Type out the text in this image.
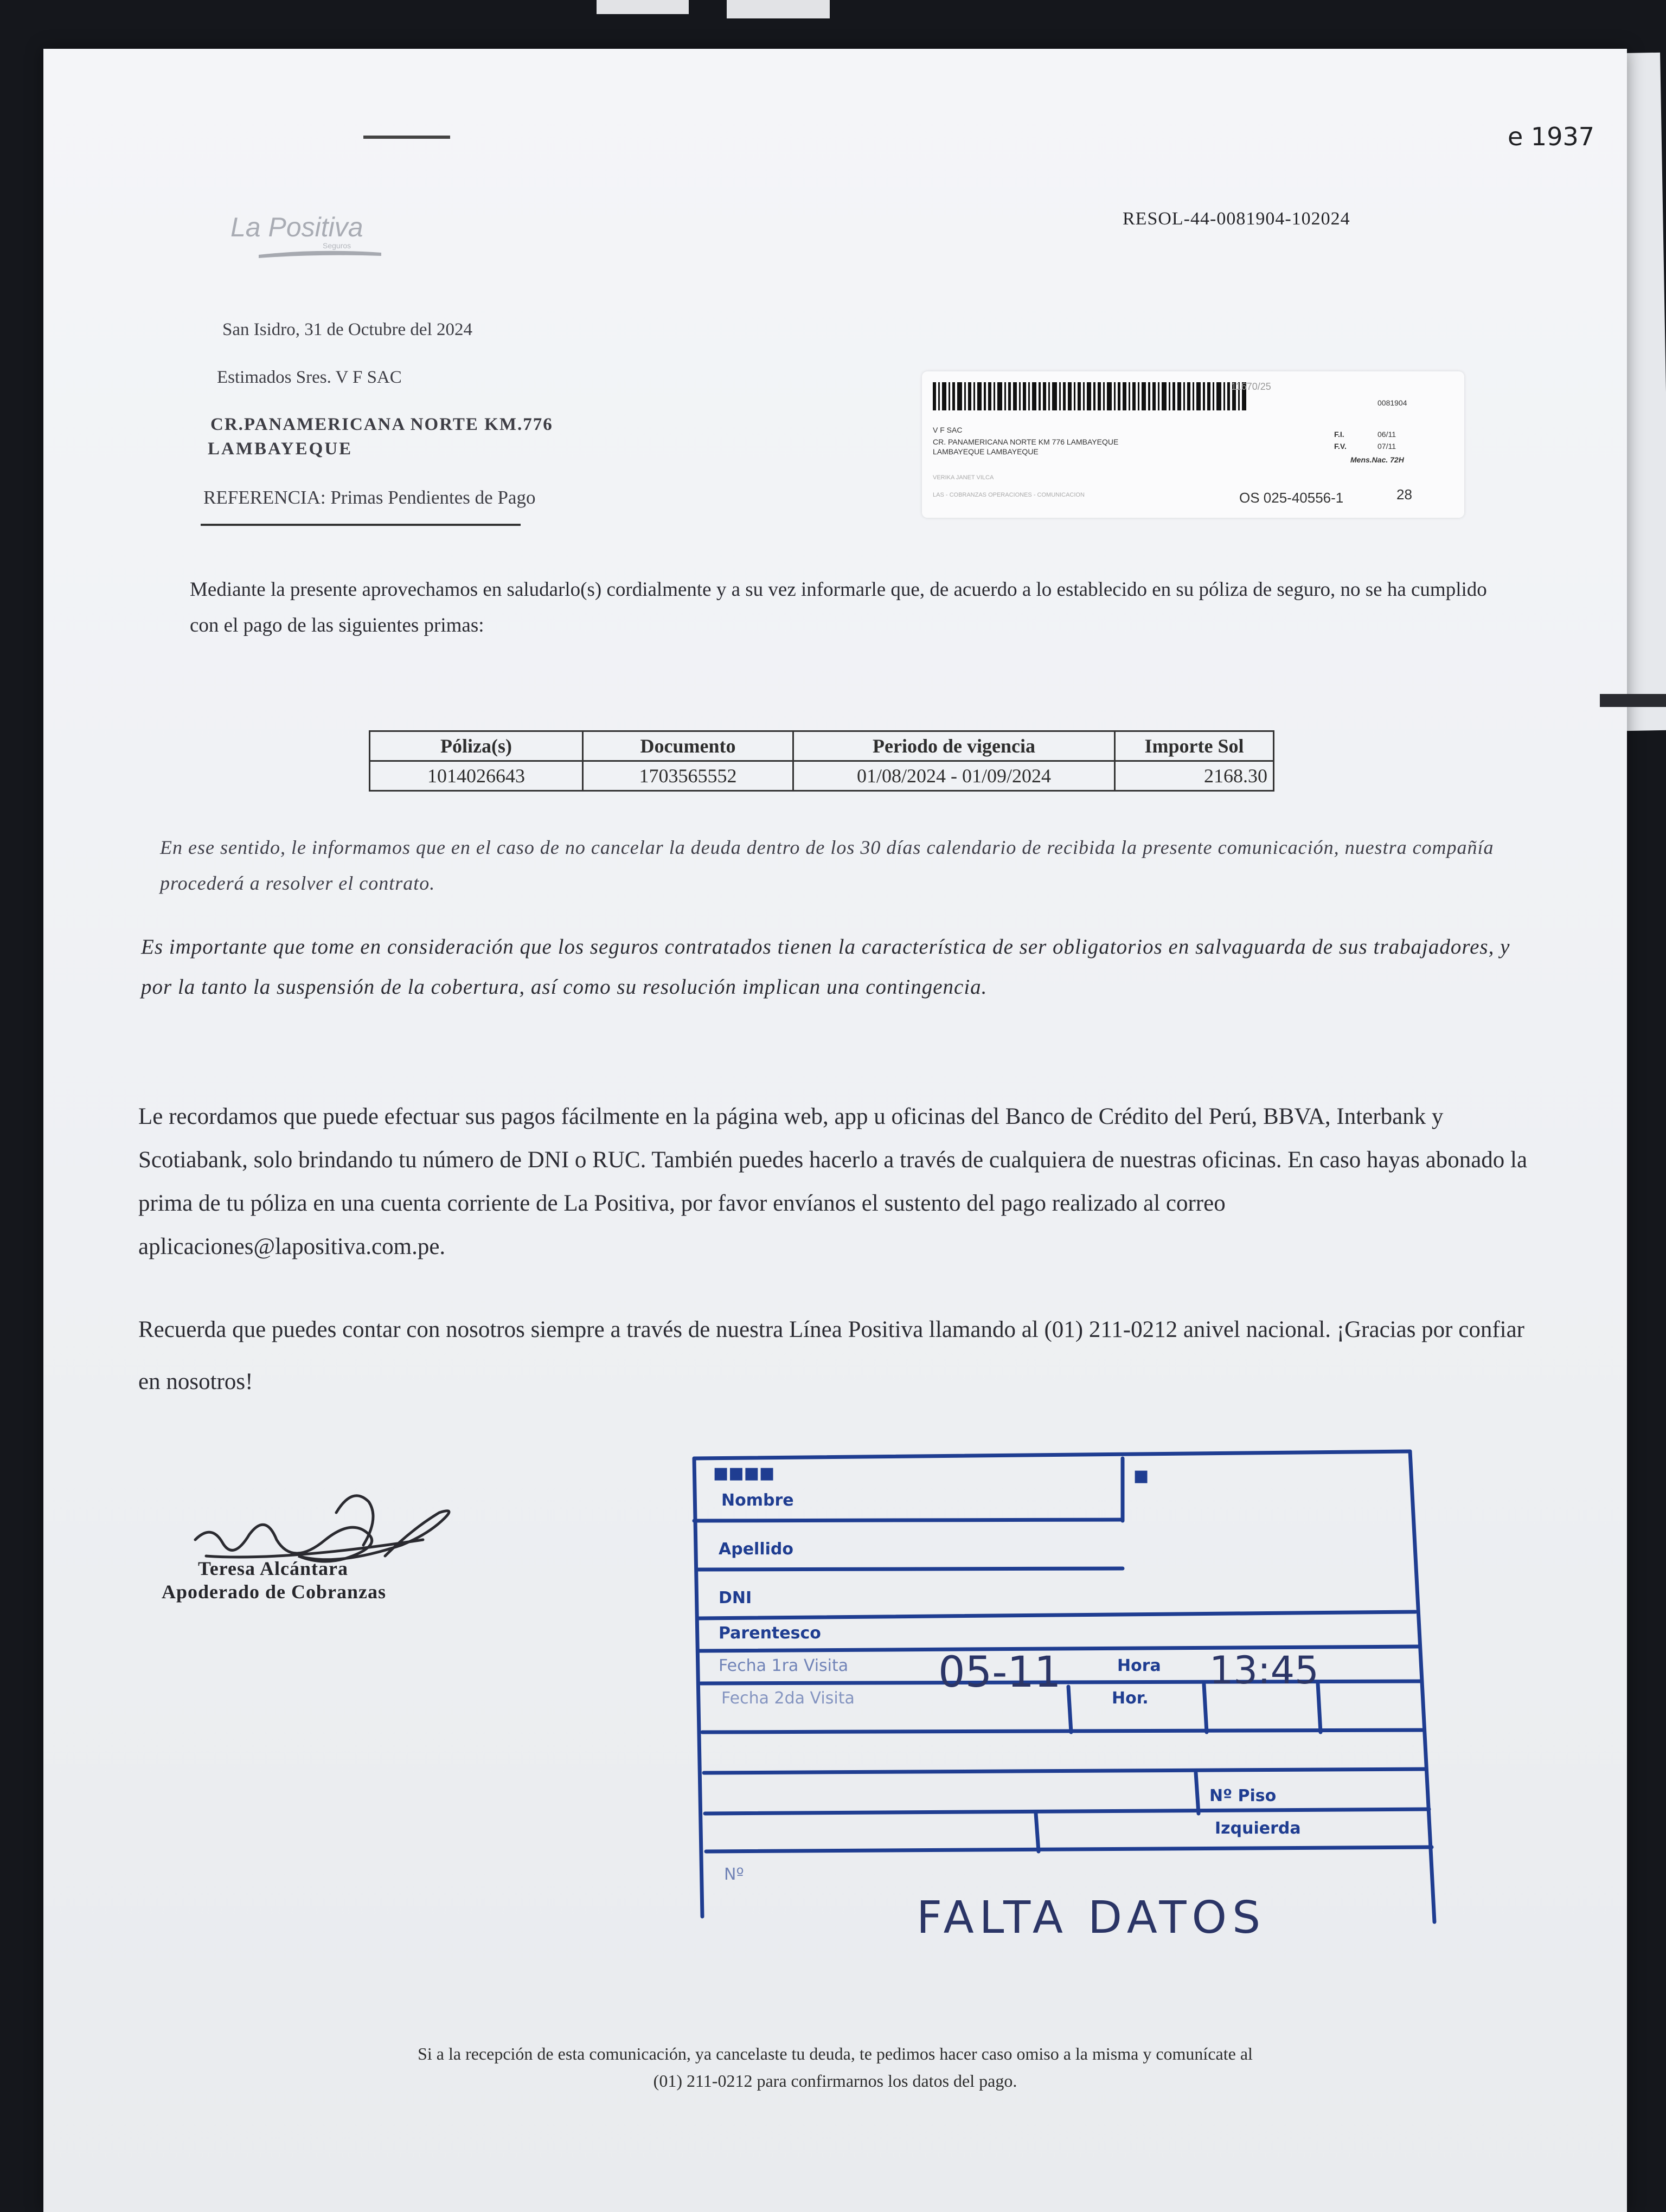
e 1937
La Positiva
Seguros
RESOL-44-0081904-102024
San Isidro, 31 de Octubre del 2024
Estimados Sres. V F SAC
CR.PANAMERICANA NORTE KM.776
LAMBAYEQUE
REFERENCIA: Primas Pendientes de Pago
11670/25
0081904
V F SAC
CR. PANAMERICANA NORTE KM 776 LAMBAYEQUE
LAMBAYEQUE LAMBAYEQUE
F.I.	06/11
F.V.	07/11
Mens.Nac. 72H
VERIKA JANET VILCA
LAS - COBRANZAS OPERACIONES - COMUNICACION	OS 025-40556-1	28
Mediante la presente aprovechamos en saludarlo(s) cordialmente y a su vez informarle que, de acuerdo a lo establecido en su póliza de seguro, no se ha cumplido con el pago de las siguientes primas:
Póliza(s)	Documento	Periodo de vigencia	Importe Sol
1014026643	1703565552	01/08/2024 - 01/09/2024	2168.30
En ese sentido, le informamos que en el caso de no cancelar la deuda dentro de los 30 días calendario de recibida la presente comunicación, nuestra compañía procederá a resolver el contrato.
Es importante que tome en consideración que los seguros contratados tienen la característica de ser obligatorios en salvaguarda de sus trabajadores, y por la tanto la suspensión de la cobertura, así como su resolución implican una contingencia.
Le recordamos que puede efectuar sus pagos fácilmente en la página web, app u oficinas del Banco de Crédito del Perú, BBVA, Interbank y Scotiabank, solo brindando tu número de DNI o RUC. También puedes hacerlo a través de cualquiera de nuestras oficinas. En caso hayas abonado la prima de tu póliza en una cuenta corriente de La Positiva, por favor envíanos el sustento del pago realizado al correo aplicaciones@lapositiva.com.pe.
Recuerda que puedes contar con nosotros siempre a través de nuestra Línea Positiva llamando al (01) 211-0212 anivel nacional. ¡Gracias por confiar en nosotros!
Teresa Alcántara
Apoderado de Cobranzas
Nombre
Apellido
DNI
Parentesco
Fecha 1ra Visita	Hora
Fecha 2da Visita	Hor.
Nº Piso
Izquierda
Nº
■■■■	■
05-11	13:45
FALTA DATOS
Si a la recepción de esta comunicación, ya cancelaste tu deuda, te pedimos hacer caso omiso a la misma y comunícate al
(01) 211-0212 para confirmarnos los datos del pago.
